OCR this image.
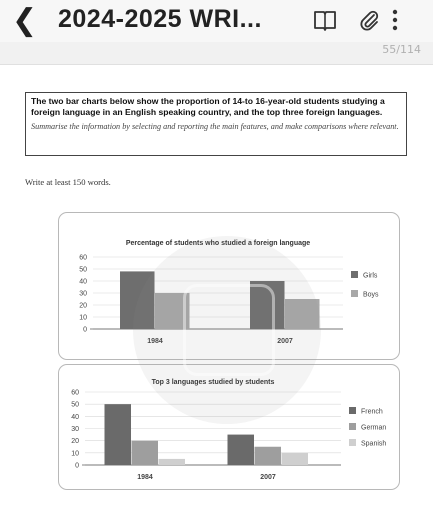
❮ 2024-2025 WRI...
55/114
The two bar charts below show the proportion of 14-to 16-year-old students studying a foreign language in an English speaking country, and the top three foreign languages.
Summarise the information by selecting and reporting the main features, and make comparisons where relevant.
Write at least 150 words.
Percentage of students who studied a foreign language
0
10
20
30
40
50
60
1984	2007
Girls
Boys
Top 3 languages studied by students
0
10
20
30
40
50
60
1984	2007
French
German
Spanish
